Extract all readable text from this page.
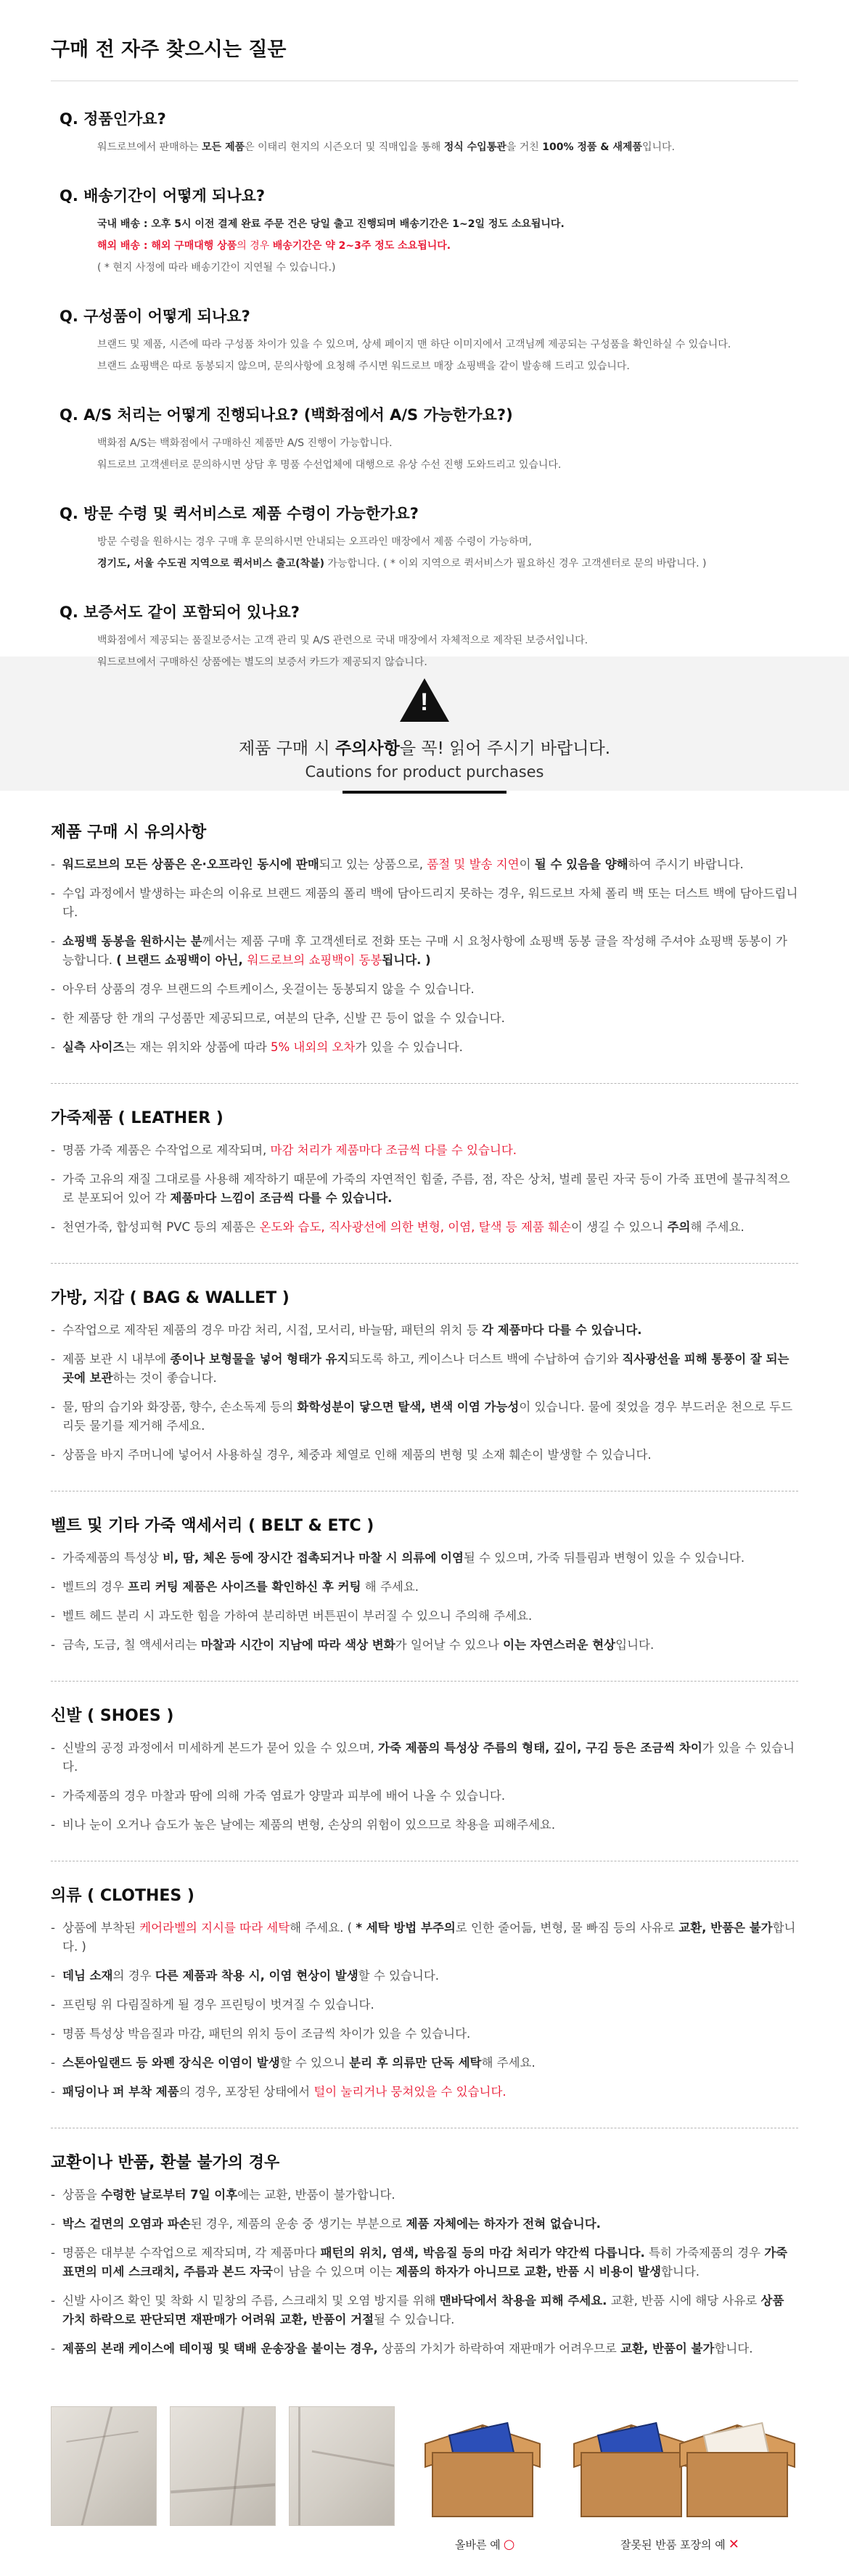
구매 전 자주 찾으시는 질문
Q. 정품인가요?

워드로브에서 판매하는 모든 제품은 이태리 현지의 시즌오더 및 직매입을 통해 정식 수입통관을 거친 100% 정품 & 새제품입니다.

Q. 배송기간이 어떻게 되나요?

국내 배송 : 오후 5시 이전 결제 완료 주문 건은 당일 출고 진행되며 배송기간은 1~2일 정도 소요됩니다.

해외 배송 : 해외 구매대행 상품의 경우 배송기간은 약 2~3주 정도 소요됩니다.

( * 현지 사정에 따라 배송기간이 지연될 수 있습니다.)

Q. 구성품이 어떻게 되나요?

브랜드 및 제품, 시즌에 따라 구성품 차이가 있을 수 있으며, 상세 페이지 맨 하단 이미지에서 고객님께 제공되는 구성품을 확인하실 수 있습니다.

브랜드 쇼핑백은 따로 동봉되지 않으며, 문의사항에 요청해 주시면 워드로브 매장 쇼핑백을 같이 발송해 드리고 있습니다.

Q. A/S 처리는 어떻게 진행되나요? (백화점에서 A/S 가능한가요?)

백화점 A/S는 백화점에서 구매하신 제품만 A/S 진행이 가능합니다.

워드로브 고객센터로 문의하시면 상담 후 명품 수선업체에 대행으로 유상 수선 진행 도와드리고 있습니다.

Q. 방문 수령 및 퀵서비스로 제품 수령이 가능한가요?

방문 수령을 원하시는 경우 구매 후 문의하시면 안내되는 오프라인 매장에서 제품 수령이 가능하며,

경기도, 서울 수도권 지역으로 퀵서비스 출고(착불) 가능합니다. ( * 이외 지역으로 퀵서비스가 필요하신 경우 고객센터로 문의 바랍니다. )

Q. 보증서도 같이 포함되어 있나요?

백화점에서 제공되는 품질보증서는 고객 관리 및 A/S 관련으로 국내 매장에서 자체적으로 제작된 보증서입니다.

워드로브에서 구매하신 상품에는 별도의 보증서 카드가 제공되지 않습니다.

!
제품 구매 시 주의사항을 꼭! 읽어 주시기 바랍니다.
Cautions for product purchases
제품 구매 시 유의사항
- 워드로브의 모든 상품은 온·오프라인 동시에 판매되고 있는 상품으로, 품절 및 발송 지연이 될 수 있음을 양해하여 주시기 바랍니다.
- 수입 과정에서 발생하는 파손의 이유로 브랜드 제품의 폴리 백에 담아드리지 못하는 경우, 워드로브 자체 폴리 백 또는 더스트 백에 담아드립니다.
- 쇼핑백 동봉을 원하시는 분께서는 제품 구매 후 고객센터로 전화 또는 구매 시 요청사항에 쇼핑백 동봉 글을 작성해 주셔야 쇼핑백 동봉이 가능합니다. ( 브랜드 쇼핑백이 아닌, 워드로브의 쇼핑백이 동봉됩니다. )
- 아우터 상품의 경우 브랜드의 수트케이스, 옷걸이는 동봉되지 않을 수 있습니다.
- 한 제품당 한 개의 구성품만 제공되므로, 여분의 단추, 신발 끈 등이 없을 수 있습니다.
- 실측 사이즈는 재는 위치와 상품에 따라 5% 내외의 오차가 있을 수 있습니다.
가죽제품 ( LEATHER )
- 명품 가죽 제품은 수작업으로 제작되며, 마감 처리가 제품마다 조금씩 다를 수 있습니다.
- 가죽 고유의 재질 그대로를 사용해 제작하기 때문에 가죽의 자연적인 힘줄, 주름, 점, 작은 상처, 벌레 물린 자국 등이 가죽 표면에 불규칙적으로 분포되어 있어 각 제품마다 느낌이 조금씩 다를 수 있습니다.
- 천연가죽, 합성피혁 PVC 등의 제품은 온도와 습도, 직사광선에 의한 변형, 이염, 탈색 등 제품 훼손이 생길 수 있으니 주의해 주세요.
가방, 지갑 ( BAG & WALLET )
- 수작업으로 제작된 제품의 경우 마감 처리, 시접, 모서리, 바늘땀, 패턴의 위치 등 각 제품마다 다를 수 있습니다.
- 제품 보관 시 내부에 종이나 보형물을 넣어 형태가 유지되도록 하고, 케이스나 더스트 백에 수납하여 습기와 직사광선을 피해 통풍이 잘 되는 곳에 보관하는 것이 좋습니다.
- 물, 땀의 습기와 화장품, 향수, 손소독제 등의 화학성분이 닿으면 탈색, 변색 이염 가능성이 있습니다. 물에 젖었을 경우 부드러운 천으로 두드리듯 물기를 제거해 주세요.
- 상품을 바지 주머니에 넣어서 사용하실 경우, 체중과 체열로 인해 제품의 변형 및 소재 훼손이 발생할 수 있습니다.
벨트 및 기타 가죽 액세서리 ( BELT & ETC )
- 가죽제품의 특성상 비, 땀, 체온 등에 장시간 접촉되거나 마찰 시 의류에 이염될 수 있으며, 가죽 뒤틀림과 변형이 있을 수 있습니다.
- 벨트의 경우 프리 커팅 제품은 사이즈를 확인하신 후 커팅 해 주세요.
- 벨트 헤드 분리 시 과도한 힘을 가하여 분리하면 버튼핀이 부러질 수 있으니 주의해 주세요.
- 금속, 도금, 칠 액세서리는 마찰과 시간이 지남에 따라 색상 변화가 일어날 수 있으나 이는 자연스러운 현상입니다.
신발 ( SHOES )
- 신발의 공정 과정에서 미세하게 본드가 묻어 있을 수 있으며, 가죽 제품의 특성상 주름의 형태, 깊이, 구김 등은 조금씩 차이가 있을 수 있습니다.
- 가죽제품의 경우 마찰과 땀에 의해 가죽 염료가 양말과 피부에 배어 나올 수 있습니다.
- 비나 눈이 오거나 습도가 높은 날에는 제품의 변형, 손상의 위험이 있으므로 착용을 피해주세요.
의류 ( CLOTHES )
- 상품에 부착된 케어라벨의 지시를 따라 세탁해 주세요. ( * 세탁 방법 부주의로 인한 줄어듦, 변형, 물 빠짐 등의 사유로 교환, 반품은 불가합니다. )
- 데님 소재의 경우 다른 제품과 착용 시, 이염 현상이 발생할 수 있습니다.
- 프린팅 위 다림질하게 될 경우 프린팅이 벗겨질 수 있습니다.
- 명품 특성상 박음질과 마감, 패턴의 위치 등이 조금씩 차이가 있을 수 있습니다.
- 스톤아일랜드 등 와펜 장식은 이염이 발생할 수 있으니 분리 후 의류만 단독 세탁해 주세요.
- 패딩이나 퍼 부착 제품의 경우, 포장된 상태에서 털이 눌리거나 뭉쳐있을 수 있습니다.
교환이나 반품, 환불 불가의 경우
- 상품을 수령한 날로부터 7일 이후에는 교환, 반품이 불가합니다.
- 박스 겉면의 오염과 파손된 경우, 제품의 운송 중 생기는 부분으로 제품 자체에는 하자가 전혀 없습니다.
- 명품은 대부분 수작업으로 제작되며, 각 제품마다 패턴의 위치, 염색, 박음질 등의 마감 처리가 약간씩 다릅니다. 특히 가죽제품의 경우 가죽 표면의 미세 스크래치, 주름과 본드 자국이 남을 수 있으며 이는 제품의 하자가 아니므로 교환, 반품 시 비용이 발생합니다.
- 신발 사이즈 확인 및 착화 시 밑창의 주름, 스크래치 및 오염 방지를 위해 맨바닥에서 착용을 피해 주세요. 교환, 반품 시에 해당 사유로 상품 가치 하락으로 판단되면 재판매가 어려워 교환, 반품이 거절될 수 있습니다.
- 제품의 본래 케이스에 테이핑 및 택배 운송장을 붙이는 경우, 상품의 가치가 하락하여 재판매가 어려우므로 교환, 반품이 불가합니다.
올바른 예 ○	잘못된 반품 포장의 예 ✕
